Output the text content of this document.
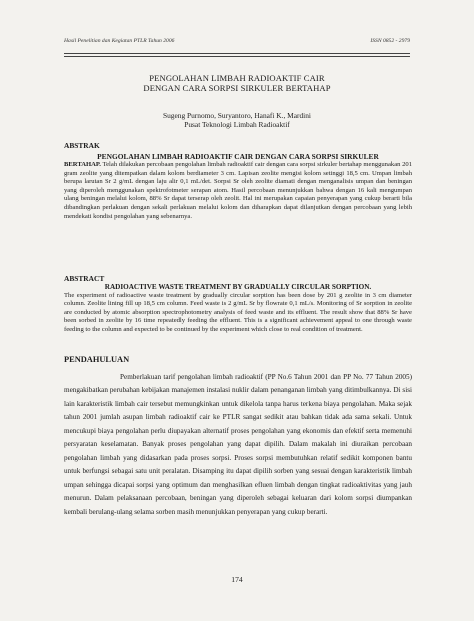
Hasil Penelitian dan Kegiatan PTLR Tahun 2006	ISSN 0852 - 2979
PENGOLAHAN LIMBAH RADIOAKTIF CAIR
DENGAN CARA SORPSI SIRKULER BERTAHAP
Sugeng Purnomo, Suryantoro, Hanafi K., Mardini
Pusat Teknologi Limbah Radioaktif
ABSTRAK
PENGOLAHAN LIMBAH RADIOAKTIF CAIR DENGAN CARA SORPSI SIRKULER
BERTAHAP. Telah dilakukan percobaan pengolahan limbah radioaktif cair dengan cara sorpsi sirkuler bertahap menggunakan 201 gram zeolite yang ditempatkan dalam kolom berdiameter 3 cm. Lapisan zeolite mengisi kolom setinggi 18,5 cm. Umpan limbah berupa larutan Sr 2 g/mL dengan laju alir 0,1 mL/det. Sorpsi Sr oleh zeolite diamati dengan menganalisis umpan dan beningan yang diperoleh menggunakan spektrofotmeter serapan atom. Hasil percobaan menunjukkan bahwa dengan 16 kali mengumpan ulang beningan melalui kolom, 88% Sr dapat terserap oleh zeolit. Hal ini merupakan capaian penyerapan yang cukup berarti bila dibandingkan perlakuan dengan sekali perlakuan melalui kolom dan diharapkan dapat dilanjutkan dengan percobaan yang lebih mendekati kondisi pengolahan yang sebenarnya.
ABSTRACT
RADIOACTIVE WASTE TREATMENT BY GRADUALLY CIRCULAR SORPTION.
The experiment of radioactive waste treatment by gradually circular sorption has been dose by 201 g zeolite in 3 cm diameter column. Zeolite lining fill up 18,5 cm column. Feed waste is 2 g/mL Sr by flowrate 0,1 mL/s. Monitoring of Sr sorption in zeolite are conducted by atomic absorption spectrophotometry analysis of feed waste and its effluent. The result show that 88% Sr have been sorbed in zeolite by 16 time repeatedly feeding the effluent. This is a significant achievement appeal to one through waste feeding to the column and expected to be continued by the experiment which close to real condition of treatment.
PENDAHULUAN

Pemberlakuan tarif pengolahan limbah radioaktif (PP No.6 Tahun 2001 dan PP No. 77 Tahun 2005) mengakibatkan perubahan kebijakan manajemen instalasi nuklir dalam penanganan limbah yang ditimbulkannya. Di sisi lain karakteristik limbah cair tersebut memungkinkan untuk dikelola tanpa harus terkena biaya pengolahan. Maka sejak tahun 2001 jumlah asupan limbah radioaktif cair ke PTLR sangat sedikit atau bahkan tidak ada sama sekali. Untuk mencukupi biaya pengolahan perlu diupayakan alternatif proses pengolahan yang ekonomis dan efektif serta memenuhi persyaratan keselamatan. Banyak proses pengolahan yang dapat dipilih. Dalam makalah ini diuraikan percobaan pengolahan limbah yang didasarkan pada proses sorpsi. Proses sorpsi membutuhkan relatif sedikit komponen bantu untuk berfungsi sebagai satu unit peralatan. Disamping itu dapat dipilih sorben yang sesuai dengan karakteristik limbah umpan sehingga dicapai sorpsi yang optimum dan menghasilkan efluen limbah dengan tingkat radioaktivitas yang jauh menurun. Dalam pelaksanaan percobaan, beningan yang diperoleh sebagai keluaran dari kolom sorpsi diumpankan kembali berulang-ulang selama sorben masih menunjukkan penyerapan yang cukup berarti.

174
